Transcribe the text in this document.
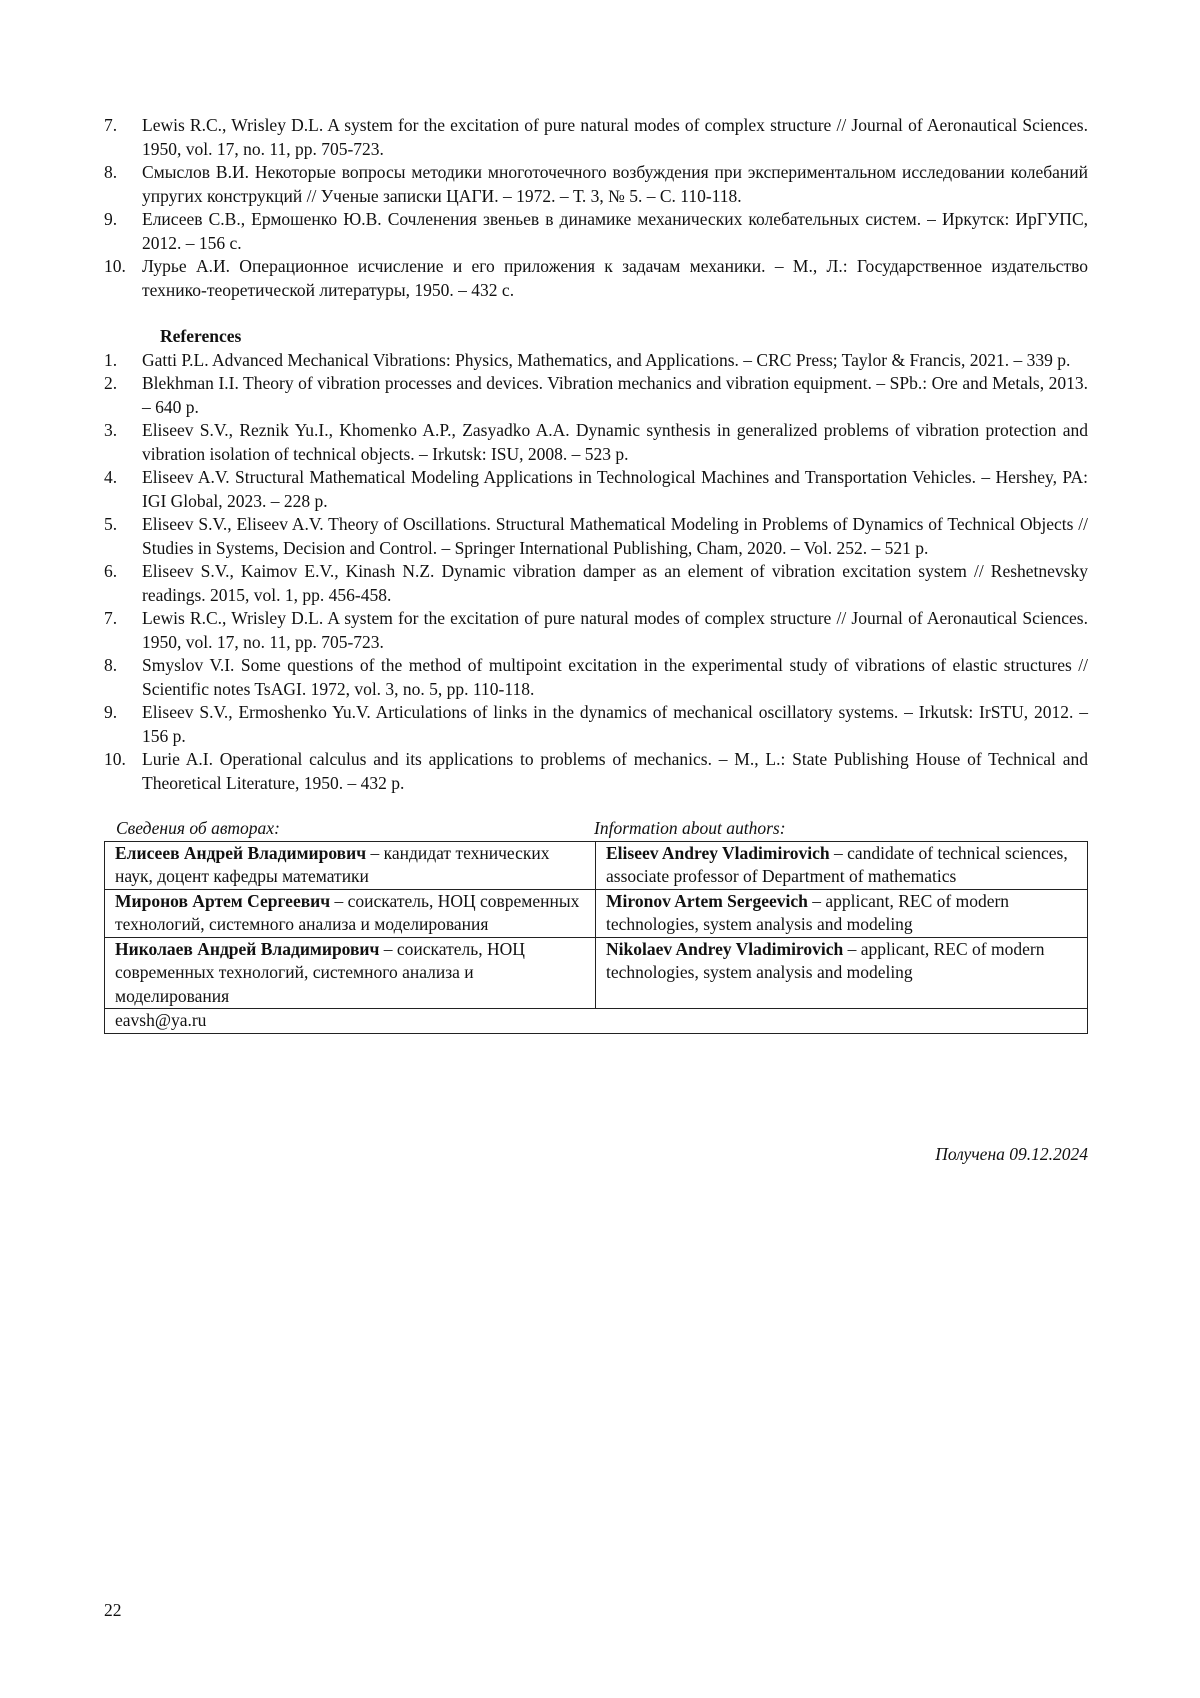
7. Lewis R.C., Wrisley D.L. A system for the excitation of pure natural modes of complex structure // Journal of Aeronautical Sciences. 1950, vol. 17, no. 11, pp. 705-723.
8. Смыслов В.И. Некоторые вопросы методики многоточечного возбуждения при экспериментальном исследовании колебаний упругих конструкций // Ученые записки ЦАГИ. – 1972. – Т. 3, № 5. – С. 110-118.
9. Елисеев С.В., Ермошенко Ю.В. Сочленения звеньев в динамике механических колебательных систем. – Иркутск: ИрГУПС, 2012. – 156 с.
10. Лурье А.И. Операционное исчисление и его приложения к задачам механики. – М., Л.: Государственное издательство технико-теоретической литературы, 1950. – 432 с.
References
1. Gatti P.L. Advanced Mechanical Vibrations: Physics, Mathematics, and Applications. – CRC Press; Taylor & Francis, 2021. – 339 p.
2. Blekhman I.I. Theory of vibration processes and devices. Vibration mechanics and vibration equipment. – SPb.: Ore and Metals, 2013. – 640 p.
3. Eliseev S.V., Reznik Yu.I., Khomenko A.P., Zasyadko A.A. Dynamic synthesis in generalized problems of vibration protection and vibration isolation of technical objects. – Irkutsk: ISU, 2008. – 523 p.
4. Eliseev A.V. Structural Mathematical Modeling Applications in Technological Machines and Transportation Vehicles. – Hershey, PA: IGI Global, 2023. – 228 p.
5. Eliseev S.V., Eliseev A.V. Theory of Oscillations. Structural Mathematical Modeling in Problems of Dynamics of Technical Objects // Studies in Systems, Decision and Control. – Springer International Publishing, Cham, 2020. – Vol. 252. – 521 p.
6. Eliseev S.V., Kaimov E.V., Kinash N.Z. Dynamic vibration damper as an element of vibration excitation system // Reshetnevsky readings. 2015, vol. 1, pp. 456-458.
7. Lewis R.C., Wrisley D.L. A system for the excitation of pure natural modes of complex structure // Journal of Aeronautical Sciences. 1950, vol. 17, no. 11, pp. 705-723.
8. Smyslov V.I. Some questions of the method of multipoint excitation in the experimental study of vibrations of elastic structures // Scientific notes TsAGI. 1972, vol. 3, no. 5, pp. 110-118.
9. Eliseev S.V., Ermoshenko Yu.V. Articulations of links in the dynamics of mechanical oscillatory systems. – Irkutsk: IrSTU, 2012. – 156 p.
10. Lurie A.I. Operational calculus and its applications to problems of mechanics. – M., L.: State Publishing House of Technical and Theoretical Literature, 1950. – 432 p.
Сведения об авторах:	Information about authors:
Елисеев Андрей Владимирович – кандидат технических наук, доцент кафедры математики	Eliseev Andrey Vladimirovich – candidate of technical sciences, associate professor of Department of mathematics
Миронов Артем Сергеевич – соискатель, НОЦ современных технологий, системного анализа и моделирования	Mironov Artem Sergeevich – applicant, REC of modern technologies, system analysis and modeling
Николаев Андрей Владимирович – соискатель, НОЦ современных технологий, системного анализа и моделирования	Nikolaev Andrey Vladimirovich – applicant, REC of modern technologies, system analysis and modeling
eavsh@ya.ru	
Получена 09.12.2024
22
